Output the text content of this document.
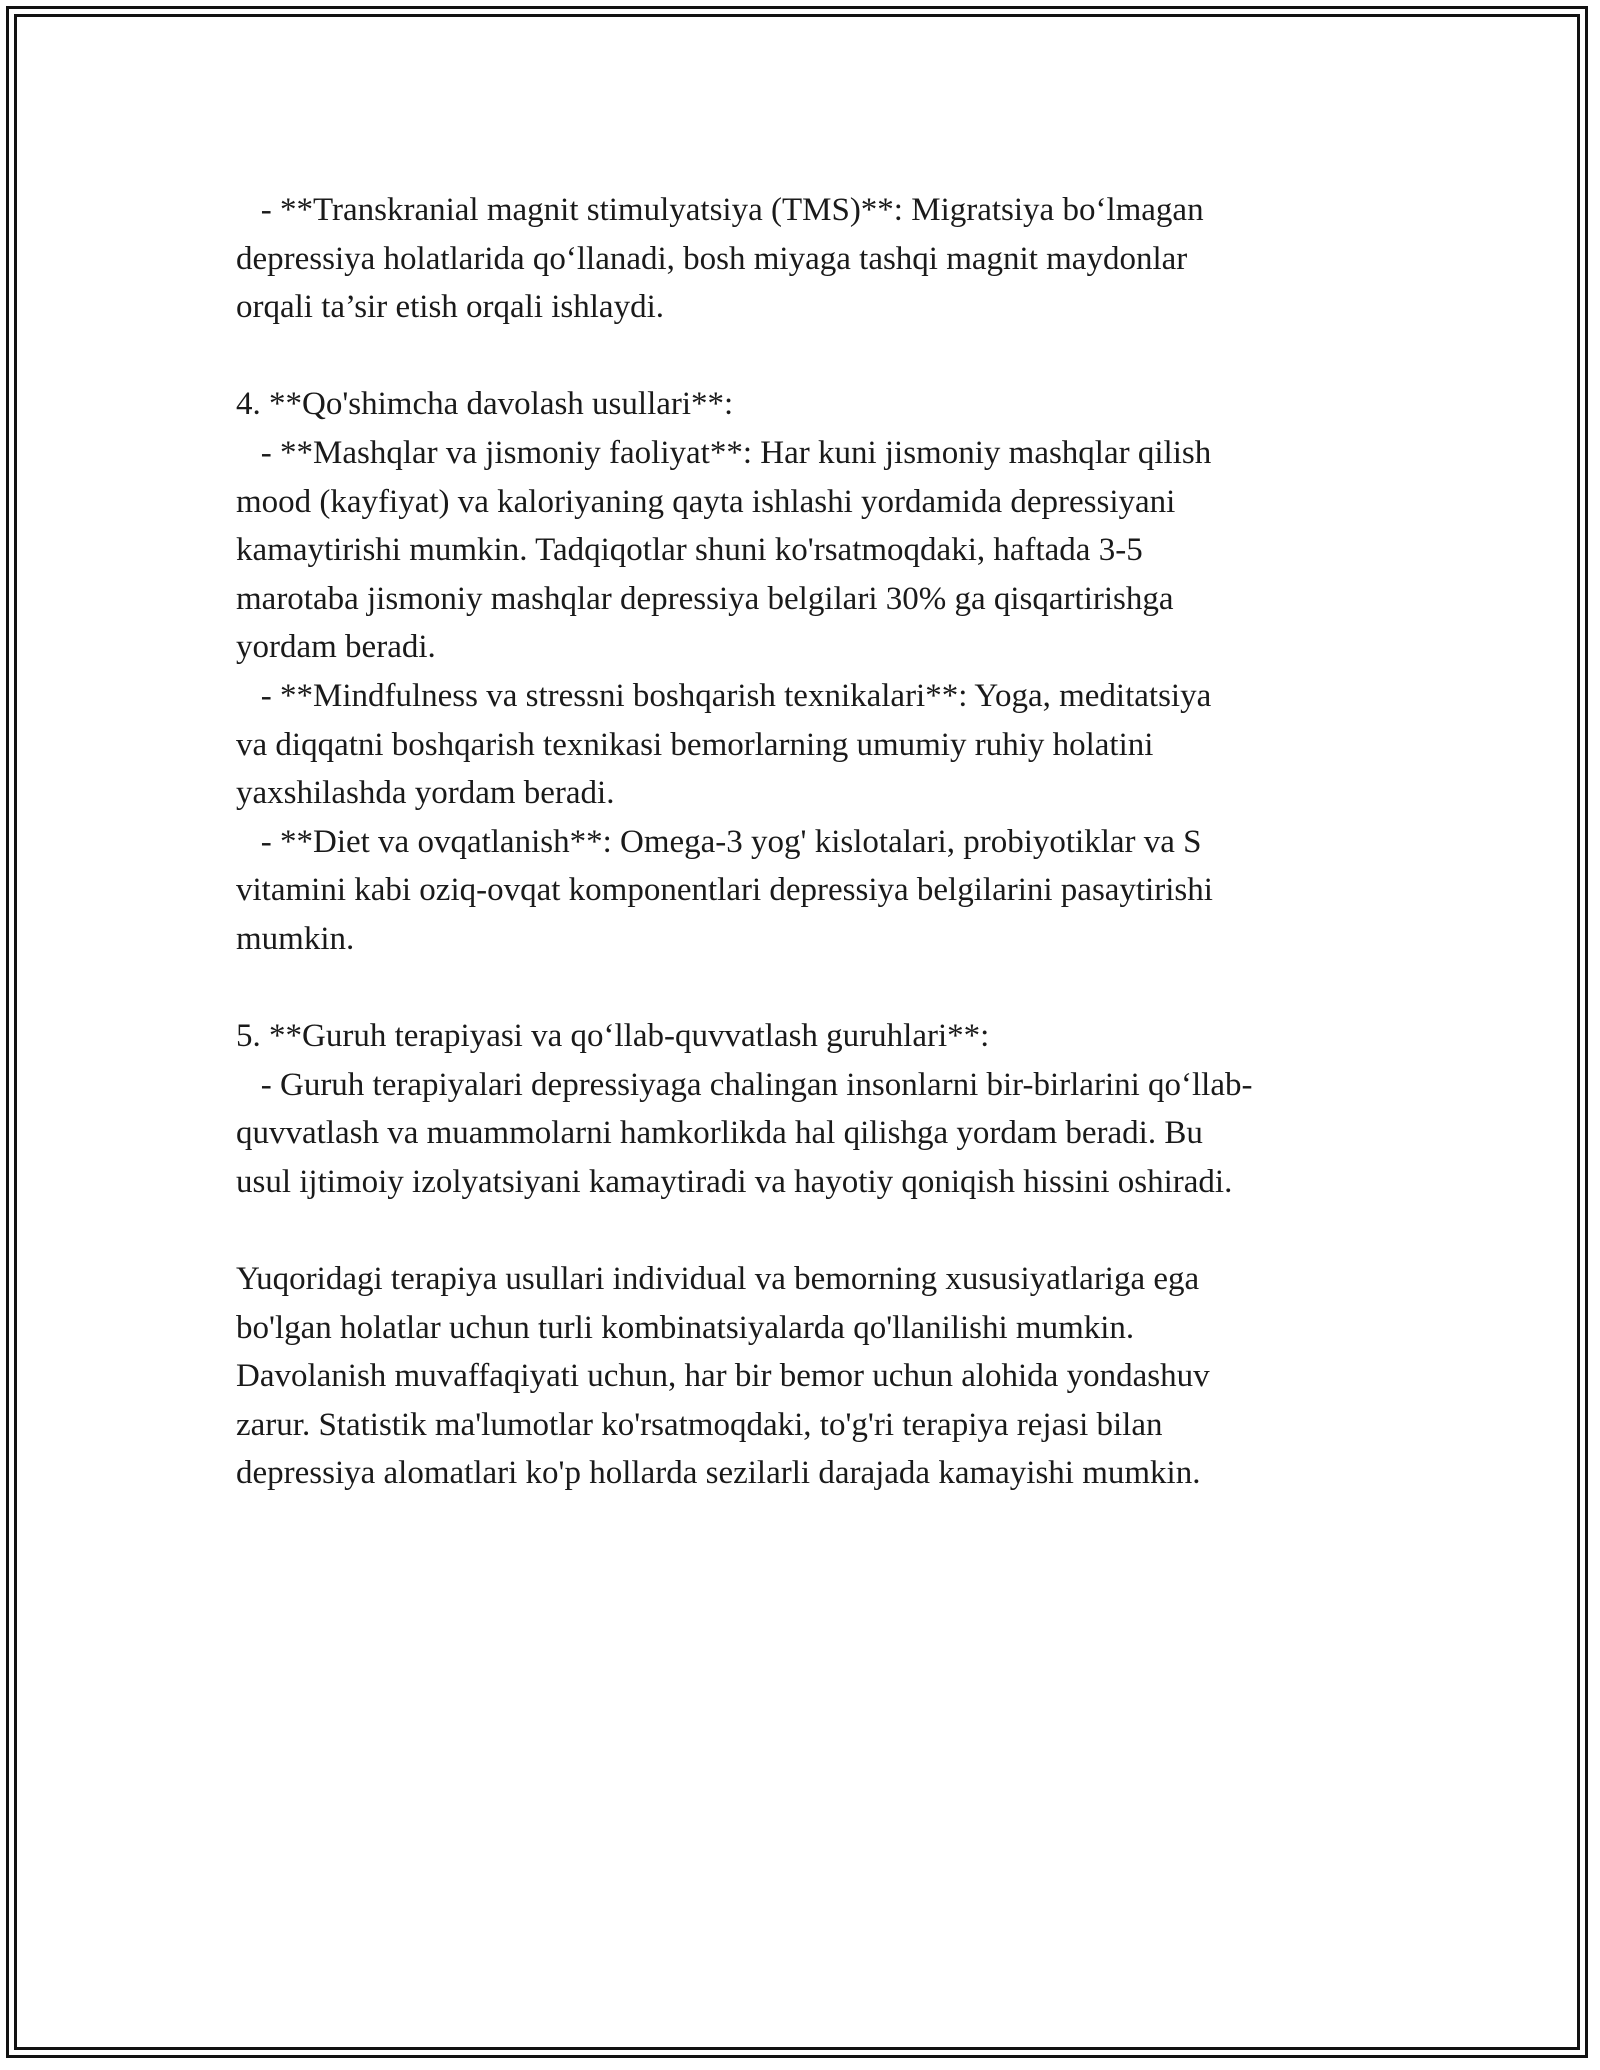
- **Transkranial magnit stimulyatsiya (TMS)**: Migratsiya bo‘lmagan

depressiya holatlarida qo‘llanadi, bosh miyaga tashqi magnit maydonlar

orqali ta’sir etish orqali ishlaydi.

4. **Qo'shimcha davolash usullari**:

- **Mashqlar va jismoniy faoliyat**: Har kuni jismoniy mashqlar qilish

mood (kayfiyat) va kaloriyaning qayta ishlashi yordamida depressiyani

kamaytirishi mumkin. Tadqiqotlar shuni ko'rsatmoqdaki, haftada 3-5

marotaba jismoniy mashqlar depressiya belgilari 30% ga qisqartirishga

yordam beradi.

- **Mindfulness va stressni boshqarish texnikalari**: Yoga, meditatsiya

va diqqatni boshqarish texnikasi bemorlarning umumiy ruhiy holatini

yaxshilashda yordam beradi.

- **Diet va ovqatlanish**: Omega-3 yog' kislotalari, probiyotiklar va S

vitamini kabi oziq-ovqat komponentlari depressiya belgilarini pasaytirishi

mumkin.

5. **Guruh terapiyasi va qo‘llab-quvvatlash guruhlari**:

- Guruh terapiyalari depressiyaga chalingan insonlarni bir-birlarini qo‘llab-

quvvatlash va muammolarni hamkorlikda hal qilishga yordam beradi. Bu

usul ijtimoiy izolyatsiyani kamaytiradi va hayotiy qoniqish hissini oshiradi.

Yuqoridagi terapiya usullari individual va bemorning xususiyatlariga ega

bo'lgan holatlar uchun turli kombinatsiyalarda qo'llanilishi mumkin.

Davolanish muvaffaqiyati uchun, har bir bemor uchun alohida yondashuv

zarur. Statistik ma'lumotlar ko'rsatmoqdaki, to'g'ri terapiya rejasi bilan

depressiya alomatlari ko'p hollarda sezilarli darajada kamayishi mumkin.
